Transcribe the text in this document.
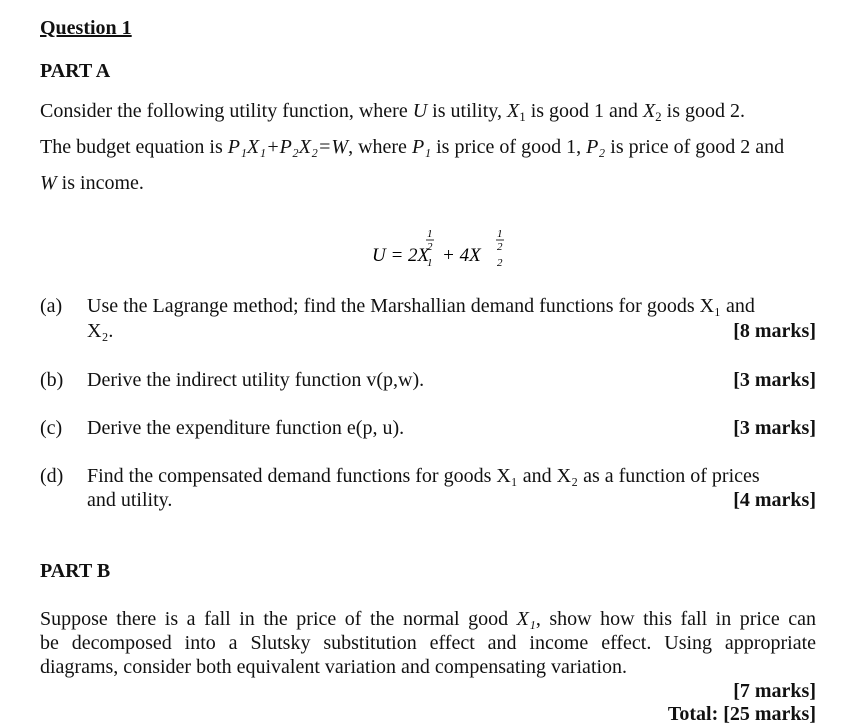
Question 1
PART A
Consider the following utility function, where U is utility, $X_1$ is good 1 and $X_2$ is good 2.
The budget equation is P₁X₁+P₂X₂=W, where P₁ is price of good 1, P₂ is price of good 2 and
W is income.
U = 2X
1
1
2 + 4X 2
1
2
(a) Use the Lagrange method; find the Marshallian demand functions for goods X₁ and
X₂.	[8 marks]
(b) Derive the indirect utility function v(p,w).	[3 marks]
(c) Derive the expenditure function e(p, u).	[3 marks]
(d) Find the compensated demand functions for goods X₁ and X₂ as a function of prices
and utility.	[4 marks]
PART B
Suppose there is a fall in the price of the normal good X₁, show how this fall in price can
be decomposed into a Slutsky substitution effect and income effect. Using appropriate
diagrams, consider both equivalent variation and compensating variation.
[7 marks]
Total: [25 marks]
